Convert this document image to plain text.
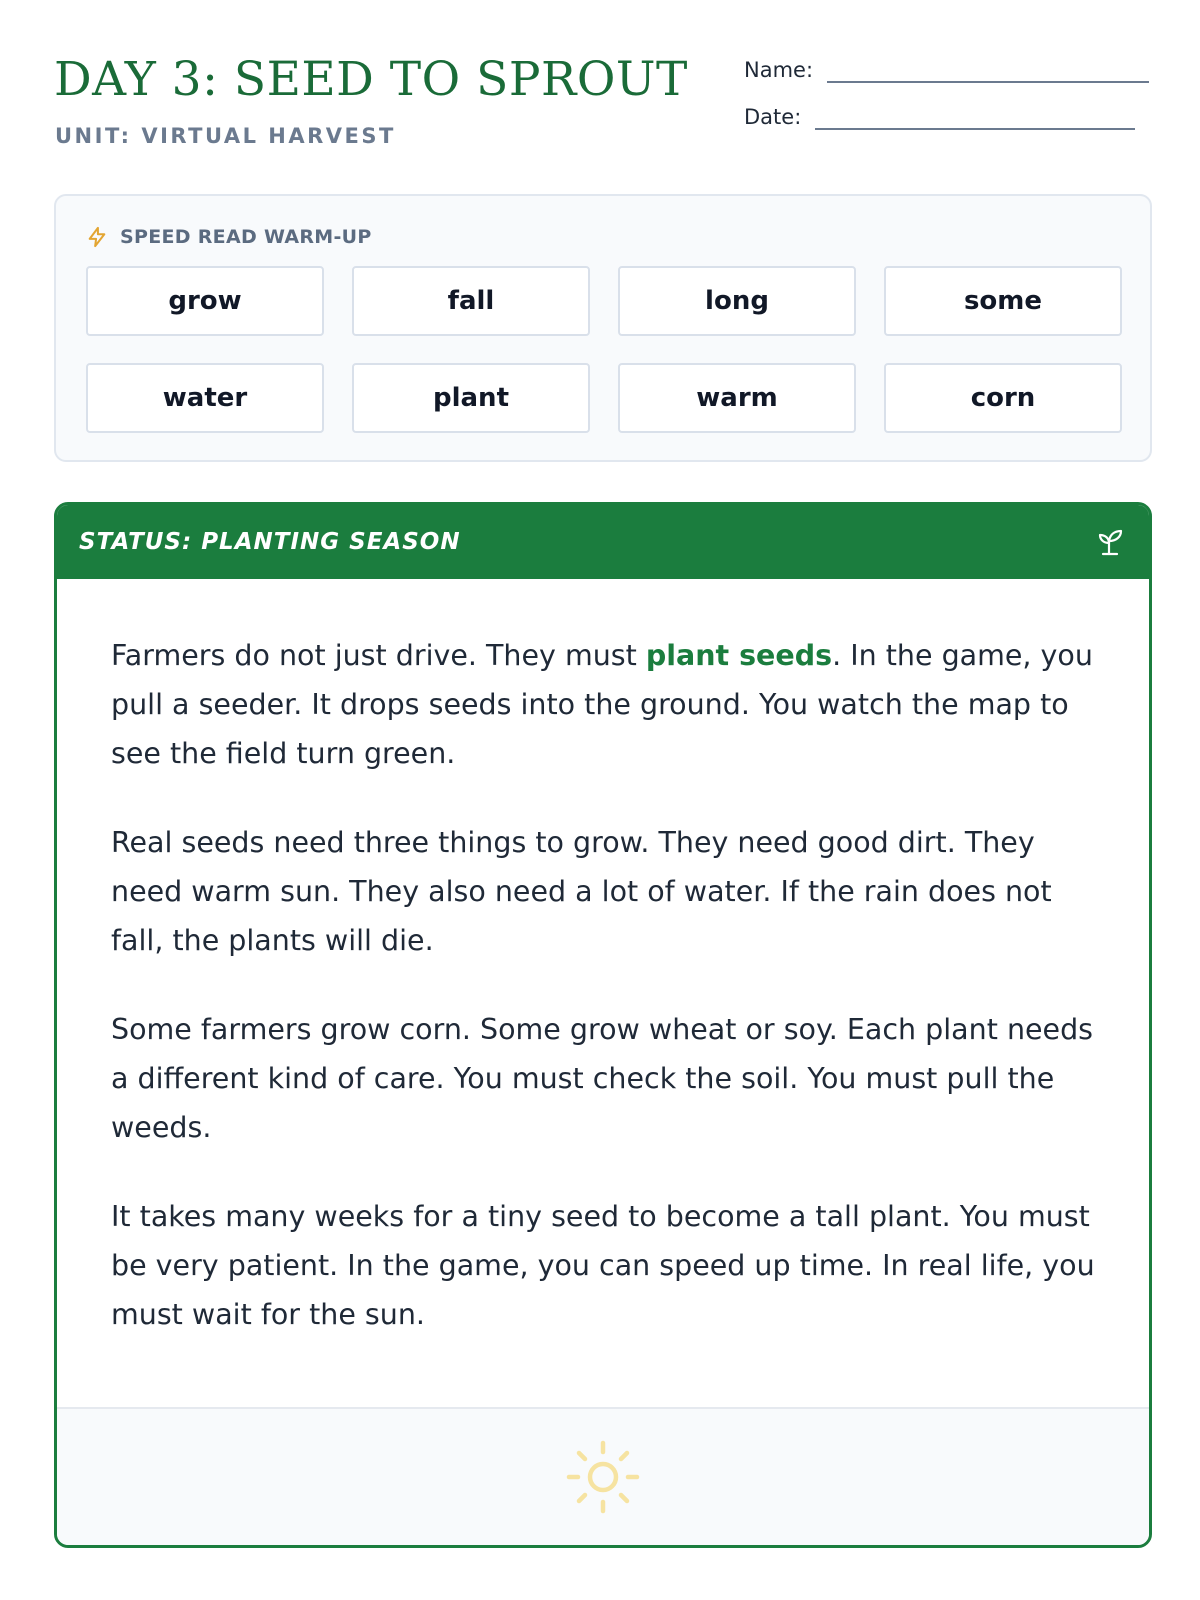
DAY 3: SEED TO SPROUT
UNIT: VIRTUAL HARVEST
Name:
Date:
SPEED READ WARM-UP
grow	fall	long	some
water	plant	warm	corn
STATUS: PLANTING SEASON

Farmers do not just drive. They must plant seeds. In the game, you pull a seeder. It drops seeds into the ground. You watch the map to see the field turn green.

Real seeds need three things to grow. They need good dirt. They need warm sun. They also need a lot of water. If the rain does not fall, the plants will die.

Some farmers grow corn. Some grow wheat or soy. Each plant needs a different kind of care. You must check the soil. You must pull the weeds.

It takes many weeks for a tiny seed to become a tall plant. You must be very patient. In the game, you can speed up time. In real life, you must wait for the sun.
